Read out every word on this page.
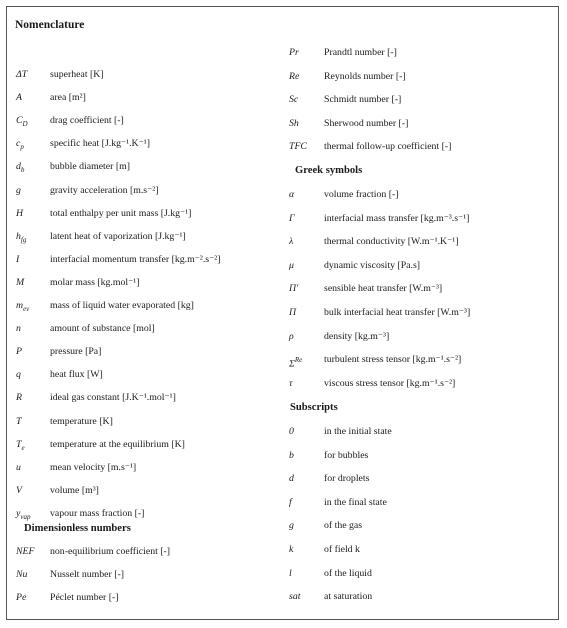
Nomenclature
ΔT superheat [K]
A	area [m²]
$C_D$ drag coefficient [-]
$c_p$	specific heat [J.kg⁻¹.K⁻¹]
$d_b$	bubble diameter [m]
g	gravity acceleration [m.s⁻²]
H	total enthalpy per unit mass [J.kg⁻¹]
$h_{fg}$ latent heat of vaporization [J.kg⁻¹]
I	interfacial momentum transfer [kg.m⁻².s⁻²]
M	molar mass [kg.mol⁻¹]
$m_{ev}$ mass of liquid water evaporated [kg]
n	amount of substance [mol]
P	pressure [Pa]
q	heat flux [W]
R	ideal gas constant [J.K⁻¹.mol⁻¹]
T	temperature [K]
$T_e$	temperature at the equilibrium [K]
u	mean velocity [m.s⁻¹]
V	volume [m³]
$y_{vap}$ vapour mass fraction [-]
Dimensionless numbers
NEF non-equilibrium coefficient [-]
Nu Nusselt number [-]
Pe Péclet number [-]
Pr	Prandtl number [-]
Re	Reynolds number [-]
Sc	Schmidt number [-]
Sh	Sherwood number [-]
TFC thermal follow-up coefficient [-]
Greek symbols
α	volume fraction [-]
Γ	interfacial mass transfer [kg.m⁻³.s⁻¹]
λ	thermal conductivity [W.m⁻¹.K⁻¹]
μ	dynamic viscosity [Pa.s]
Π′	sensible heat transfer [W.m⁻³]
Π	bulk interfacial heat transfer [W.m⁻³]
ρ	density [kg.m⁻³]
$\Sigma^{Re}$ turbulent stress tensor [kg.m⁻¹.s⁻²]
τ	viscous stress tensor [kg.m⁻¹.s⁻²]
Subscripts
0	in the initial state
b	for bubbles
d	for droplets
f	in the final state
g	of the gas
k	of field k
l	of the liquid
sat at saturation
